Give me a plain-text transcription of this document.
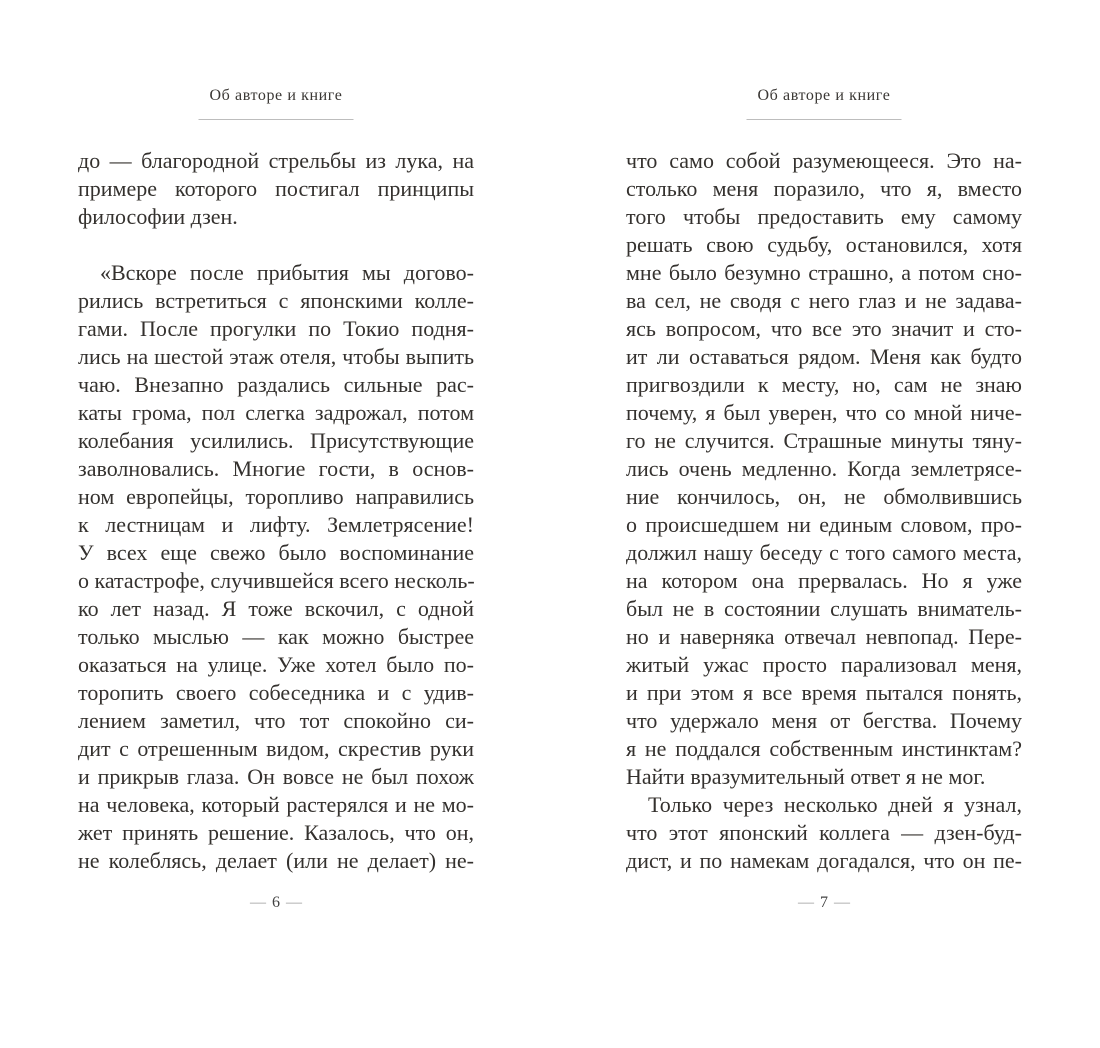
Об авторе и книге
до — благородной стрельбы из лука, на
примере которого постигал принципы
философии дзен.
«Вскоре после прибытия мы догово-
рились встретиться с японскими колле-
гами. После прогулки по Токио подня-
лись на шестой этаж отеля, чтобы выпить
чаю. Внезапно раздались сильные рас-
каты грома, пол слегка задрожал, потом
колебания усилились. Присутствующие
заволновались. Многие гости, в основ-
ном европейцы, торопливо направились
к лестницам и лифту. Землетрясение!
У всех еще свежо было воспоминание
о катастрофе, случившейся всего несколь-
ко лет назад. Я тоже вскочил, с одной
только мыслью — как можно быстрее
оказаться на улице. Уже хотел было по-
торопить своего собеседника и с удив-
лением заметил, что тот спокойно си-
дит с отрешенным видом, скрестив руки
и прикрыв глаза. Он вовсе не был похож
на человека, который растерялся и не мо-
жет принять решение. Казалось, что он,
не колеблясь, делает (или не делает) не-
— 6 —
Об авторе и книге
что само собой разумеющееся. Это на-
столько меня поразило, что я, вместо
того чтобы предоставить ему самому
решать свою судьбу, остановился, хотя
мне было безумно страшно, а потом сно-
ва сел, не сводя с него глаз и не задава-
ясь вопросом, что все это значит и сто-
ит ли оставаться рядом. Меня как будто
пригвоздили к месту, но, сам не знаю
почему, я был уверен, что со мной ниче-
го не случится. Страшные минуты тяну-
лись очень медленно. Когда землетрясе-
ние кончилось, он, не обмолвившись
о происшедшем ни единым словом, про-
должил нашу беседу с того самого места,
на котором она прервалась. Но я уже
был не в состоянии слушать вниматель-
но и наверняка отвечал невпопад. Пере-
житый ужас просто парализовал меня,
и при этом я все время пытался понять,
что удержало меня от бегства. Почему
я не поддался собственным инстинктам?
Найти вразумительный ответ я не мог.
Только через несколько дней я узнал,
что этот японский коллега — дзен-буд-
дист, и по намекам догадался, что он пе-
— 7 —
